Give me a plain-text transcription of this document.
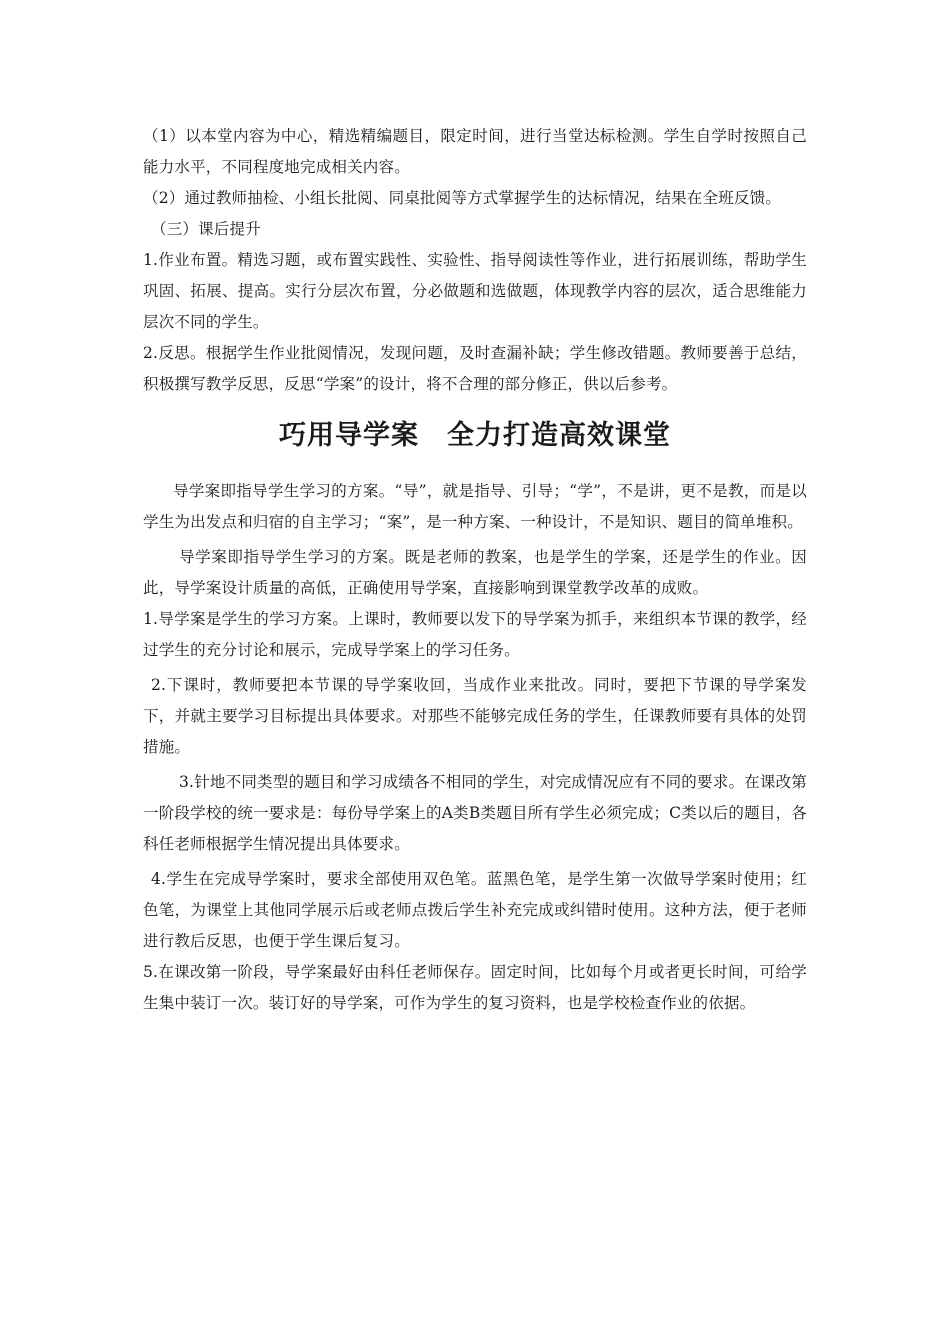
（1）以本堂内容为中心，精选精编题目，限定时间，进行当堂达标检测。学生自学时按照自己能力水平，不同程度地完成相关内容。

（2）通过教师抽检、小组长批阅、同桌批阅等方式掌握学生的达标情况，结果在全班反馈。

（三）课后提升

1.作业布置。精选习题，或布置实践性、实验性、指导阅读性等作业，进行拓展训练，帮助学生巩固、拓展、提高。实行分层次布置，分必做题和选做题，体现教学内容的层次，适合思维能力层次不同的学生。

2.反思。根据学生作业批阅情况，发现问题，及时查漏补缺；学生修改错题。教师要善于总结，积极撰写教学反思，反思“学案”的设计，将不合理的部分修正，供以后参考。

巧用导学案　全力打造高效课堂

导学案即指导学生学习的方案。“导”，就是指导、引导；“学”，不是讲，更不是教，而是以学生为出发点和归宿的自主学习；“案”，是一种方案、一种设计，不是知识、题目的简单堆积。

导学案即指导学生学习的方案。既是老师的教案，也是学生的学案，还是学生的作业。因此，导学案设计质量的高低，正确使用导学案，直接影响到课堂教学改革的成败。

1.导学案是学生的学习方案。上课时，教师要以发下的导学案为抓手，来组织本节课的教学，经过学生的充分讨论和展示，完成导学案上的学习任务。

2.下课时，教师要把本节课的导学案收回，当成作业来批改。同时，要把下节课的导学案发下，并就主要学习目标提出具体要求。对那些不能够完成任务的学生，任课教师要有具体的处罚措施。

3.针地不同类型的题目和学习成绩各不相同的学生，对完成情况应有不同的要求。在课改第一阶段学校的统一要求是：每份导学案上的A类B类题目所有学生必须完成；C类以后的题目，各科任老师根据学生情况提出具体要求。

4.学生在完成导学案时，要求全部使用双色笔。蓝黑色笔，是学生第一次做导学案时使用；红色笔，为课堂上其他同学展示后或老师点拨后学生补充完成或纠错时使用。这种方法，便于老师进行教后反思，也便于学生课后复习。

5.在课改第一阶段，导学案最好由科任老师保存。固定时间，比如每个月或者更长时间，可给学生集中装订一次。装订好的导学案，可作为学生的复习资料，也是学校检查作业的依据。
